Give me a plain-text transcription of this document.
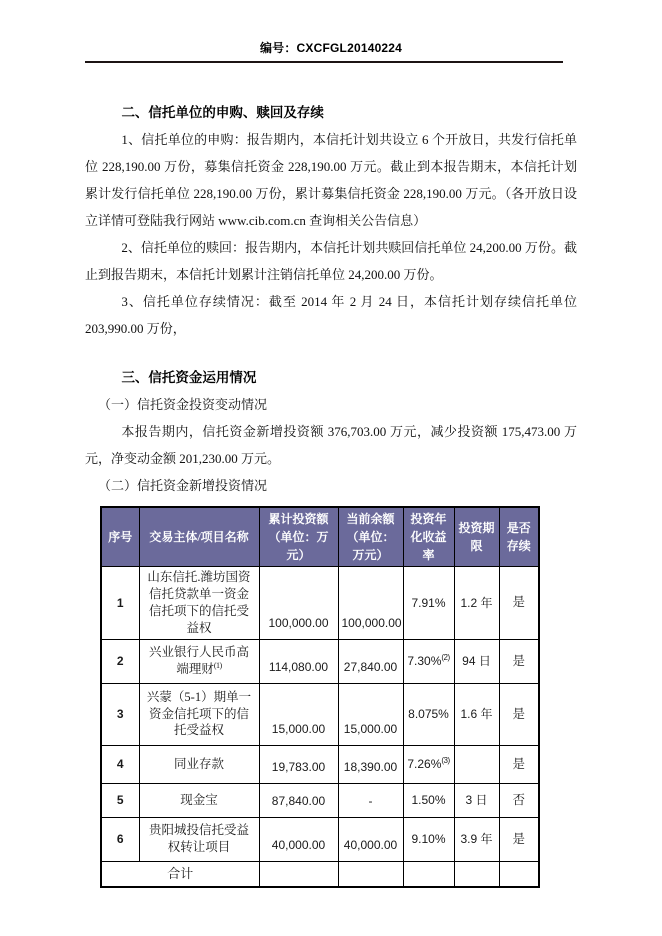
编号：CXCFGL20140224
二、信托单位的申购、赎回及存续

1、信托单位的申购：报告期内，本信托计划共设立 6 个开放日，共发行信托单位 228,190.00 万份，募集信托资金 228,190.00 万元。截止到本报告期末，本信托计划累计发行信托单位 228,190.00 万份，累计募集信托资金 228,190.00 万元。（各开放日设立详情可登陆我行网站 www.cib.com.cn 查询相关公告信息）

2、信托单位的赎回：报告期内，本信托计划共赎回信托单位 24,200.00 万份。截止到报告期末，本信托计划累计注销信托单位 24,200.00 万份。

3、信托单位存续情况：截至 2014 年 2 月 24 日，本信托计划存续信托单位 203,990.00 万份，

三、信托资金运用情况

（一）信托资金投资变动情况

本报告期内，信托资金新增投资额 376,703.00 万元，减少投资额 175,473.00 万元，净变动金额 201,230.00 万元。

（二）信托资金新增投资情况

序号	交易主体/项目名称	累计投资额（单位：万元）	当前余额（单位：万元）	投资年化收益率	投资期限	是否存续
1	山东信托.潍坊国资信托贷款单一资金信托项下的信托受益权	100,000.00	100,000.00	7.91%	1.2 年	是
2	兴业银行人民币高端理财$^{(1)}$	114,080.00	27,840.00	7.30%$^{(2)}$	94 日	是
3	兴蒙（5-1）期单一资金信托项下的信托受益权	15,000.00	15,000.00	8.075%	1.6 年	是
4	同业存款	19,783.00	18,390.00	7.26%$^{(3)}$		是
5	现金宝	87,840.00	-	1.50%	3 日	否
6	贵阳城投信托受益权转让项目	40,000.00	40,000.00	9.10%	3.9 年	是
合计						
